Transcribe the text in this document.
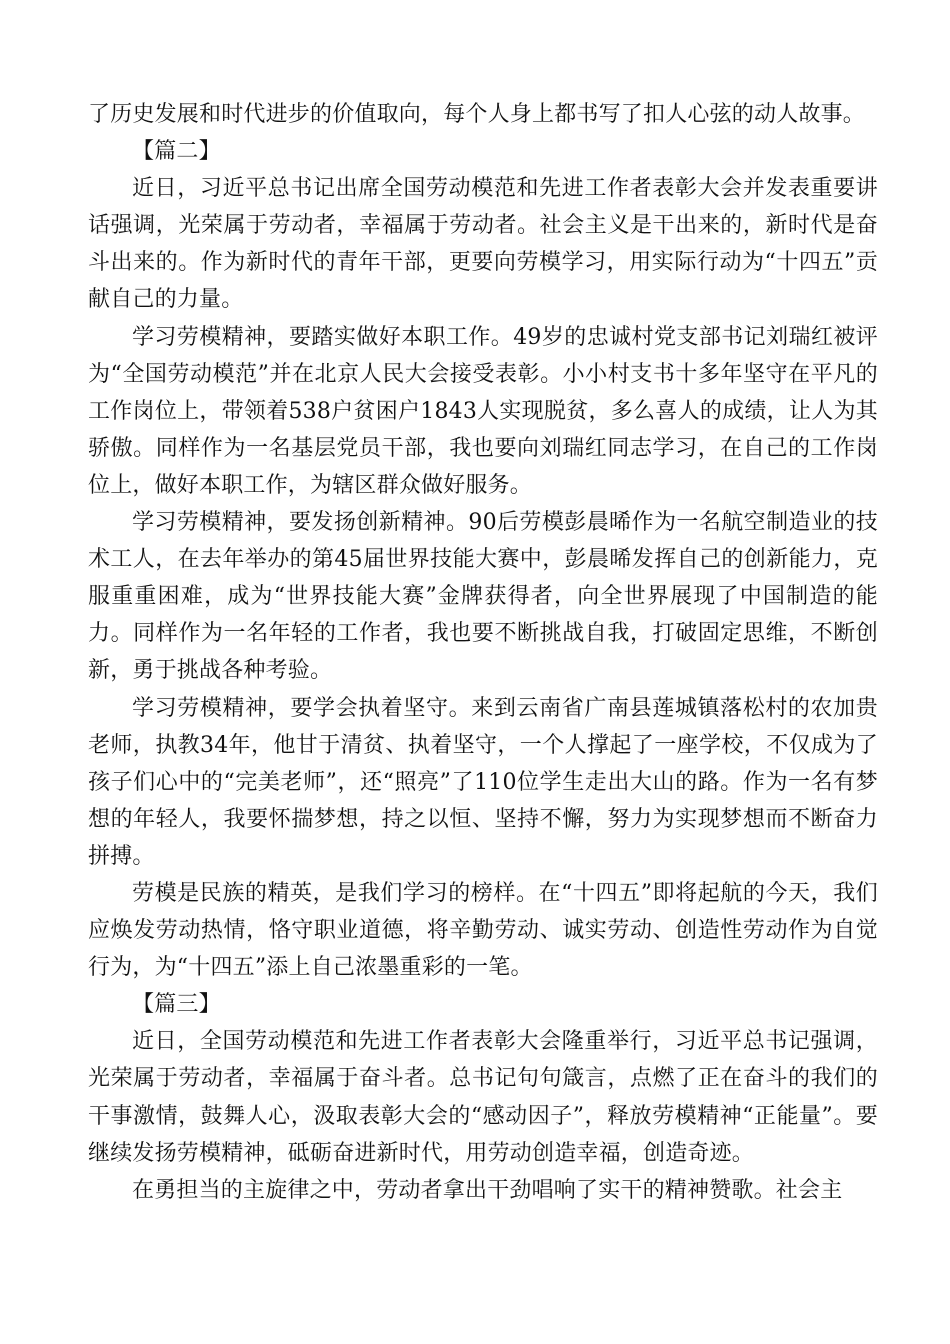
了历史发展和时代进步的价值取向，每个人身上都书写了扣人心弦的动人故事。

【篇二】

近日，习近平总书记出席全国劳动模范和先进工作者表彰大会并发表重要讲话强调，光荣属于劳动者，幸福属于劳动者。社会主义是干出来的，新时代是奋斗出来的。作为新时代的青年干部，更要向劳模学习，用实际行动为“十四五”贡献自己的力量。

学习劳模精神，要踏实做好本职工作。49岁的忠诚村党支部书记刘瑞红被评为“全国劳动模范”并在北京人民大会接受表彰。小小村支书十多年坚守在平凡的工作岗位上，带领着538户贫困户1843人实现脱贫，多么喜人的成绩，让人为其骄傲。同样作为一名基层党员干部，我也要向刘瑞红同志学习，在自己的工作岗位上，做好本职工作，为辖区群众做好服务。

学习劳模精神，要发扬创新精神。90后劳模彭晨晞作为一名航空制造业的技术工人，在去年举办的第45届世界技能大赛中，彭晨晞发挥自己的创新能力，克服重重困难，成为“世界技能大赛”金牌获得者，向全世界展现了中国制造的能力。同样作为一名年轻的工作者，我也要不断挑战自我，打破固定思维，不断创新，勇于挑战各种考验。

学习劳模精神，要学会执着坚守。来到云南省广南县莲城镇落松村的农加贵老师，执教34年，他甘于清贫、执着坚守，一个人撑起了一座学校，不仅成为了孩子们心中的“完美老师”，还“照亮”了110位学生走出大山的路。作为一名有梦想的年轻人，我要怀揣梦想，持之以恒、坚持不懈，努力为实现梦想而不断奋力拼搏。

劳模是民族的精英，是我们学习的榜样。在“十四五”即将起航的今天，我们应焕发劳动热情，恪守职业道德，将辛勤劳动、诚实劳动、创造性劳动作为自觉行为，为“十四五”添上自己浓墨重彩的一笔。

【篇三】

近日，全国劳动模范和先进工作者表彰大会隆重举行，习近平总书记强调，光荣属于劳动者，幸福属于奋斗者。总书记句句箴言，点燃了正在奋斗的我们的干事激情，鼓舞人心，汲取表彰大会的“感动因子”，释放劳模精神“正能量”。要继续发扬劳模精神，砥砺奋进新时代，用劳动创造幸福，创造奇迹。

在勇担当的主旋律之中，劳动者拿出干劲唱响了实干的精神赞歌。社会主
